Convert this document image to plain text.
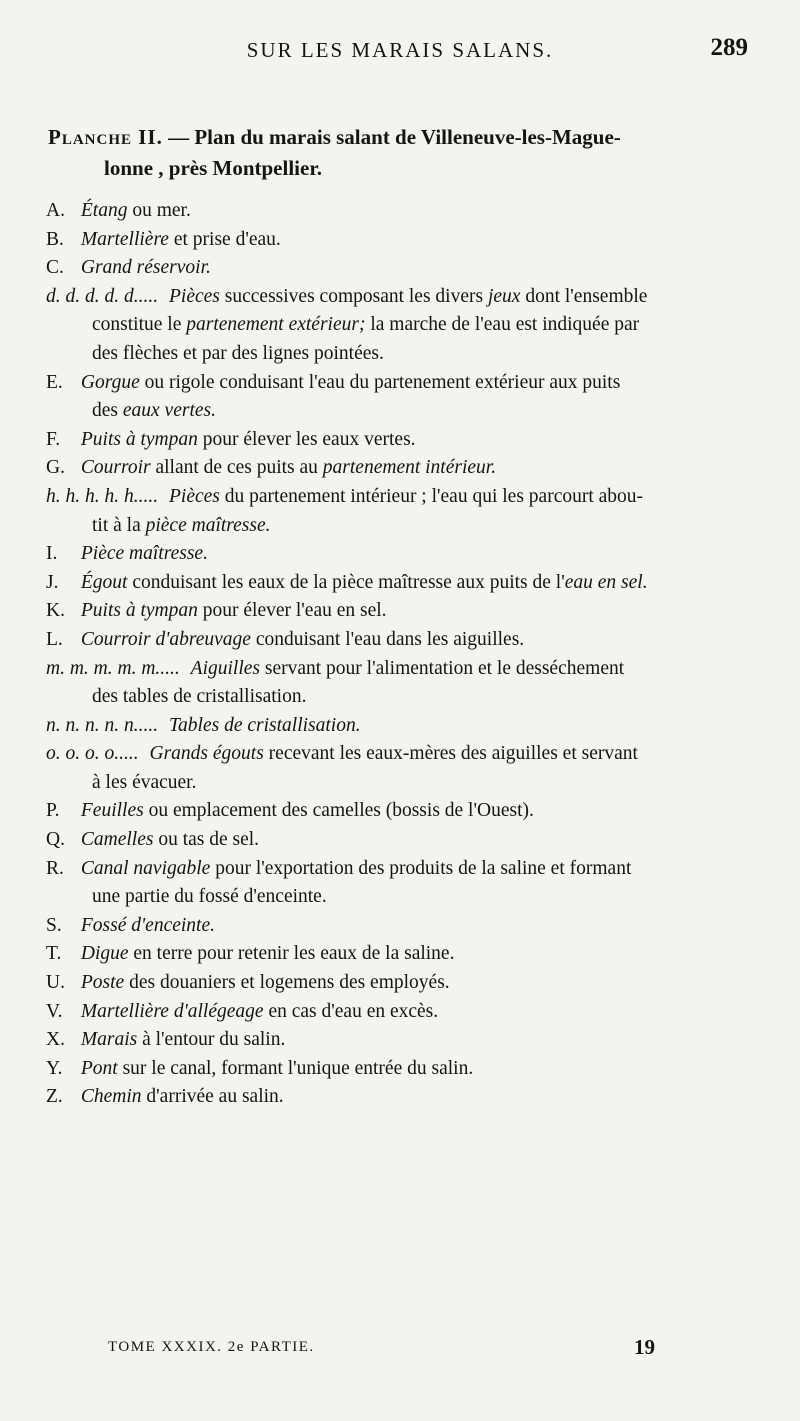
SUR LES MARAIS SALANS.	289
Planche II. — Plan du marais salant de Villeneuve-les-Mague-
lonne , près Montpellier.
A. Étang ou mer.
B. Martellière et prise d'eau.
C. Grand réservoir.
d. d. d. d. d..... Pièces successives composant les divers jeux dont l'ensemble
constitue le partenement extérieur; la marche de l'eau est indiquée par
des flèches et par des lignes pointées.
E. Gorgue ou rigole conduisant l'eau du partenement extérieur aux puits
des eaux vertes.
F. Puits à tympan pour élever les eaux vertes.
G. Courroir allant de ces puits au partenement intérieur.
h. h. h. h. h..... Pièces du partenement intérieur ; l'eau qui les parcourt abou-
tit à la pièce maîtresse.
I. Pièce maîtresse.
J. Égout conduisant les eaux de la pièce maîtresse aux puits de l'eau en sel.
K. Puits à tympan pour élever l'eau en sel.
L. Courroir d'abreuvage conduisant l'eau dans les aiguilles.
m. m. m. m. m..... Aiguilles servant pour l'alimentation et le desséchement
des tables de cristallisation.
n. n. n. n. n..... Tables de cristallisation.
o. o. o. o..... Grands égouts recevant les eaux-mères des aiguilles et servant
à les évacuer.
P. Feuilles ou emplacement des camelles (bossis de l'Ouest).
Q. Camelles ou tas de sel.
R. Canal navigable pour l'exportation des produits de la saline et formant
une partie du fossé d'enceinte.
S. Fossé d'enceinte.
T. Digue en terre pour retenir les eaux de la saline.
U. Poste des douaniers et logemens des employés.
V. Martellière d'allégeage en cas d'eau en excès.
X. Marais à l'entour du salin.
Y. Pont sur le canal, formant l'unique entrée du salin.
Z. Chemin d'arrivée au salin.
TOME XXXIX. 2e PARTIE.	19
